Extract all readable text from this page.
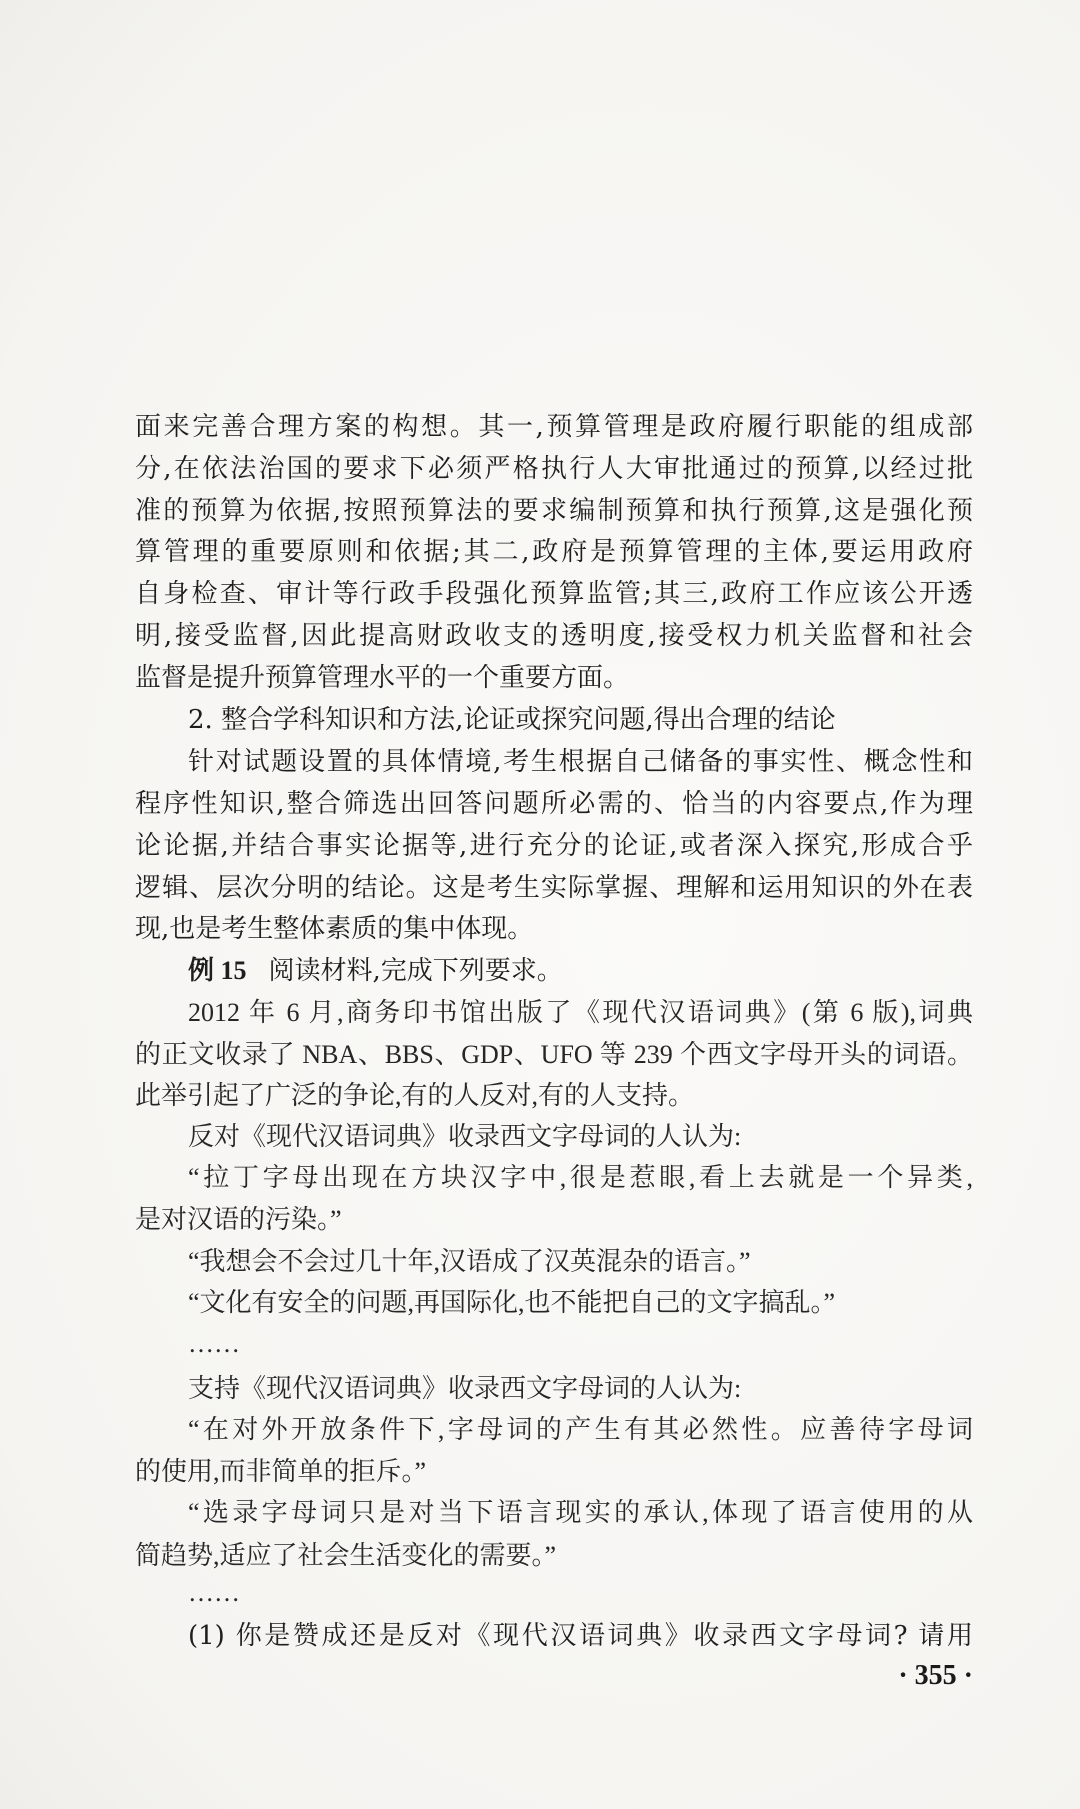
面来完善合理方案的构想。其一,预算管理是政府履行职能的组成部
分,在依法治国的要求下必须严格执行人大审批通过的预算,以经过批
准的预算为依据,按照预算法的要求编制预算和执行预算,这是强化预
算管理的重要原则和依据;其二,政府是预算管理的主体,要运用政府
自身检查、审计等行政手段强化预算监管;其三,政府工作应该公开透
明,接受监督,因此提高财政收支的透明度,接受权力机关监督和社会
监督是提升预算管理水平的一个重要方面。
2. 整合学科知识和方法,论证或探究问题,得出合理的结论
针对试题设置的具体情境,考生根据自己储备的事实性、概念性和
程序性知识,整合筛选出回答问题所必需的、恰当的内容要点,作为理
论论据,并结合事实论据等,进行充分的论证,或者深入探究,形成合乎
逻辑、层次分明的结论。这是考生实际掌握、理解和运用知识的外在表
现,也是考生整体素质的集中体现。
例 15 阅读材料,完成下列要求。
2012 年 6 月,商务印书馆出版了《现代汉语词典》(第 6 版),词典
的正文收录了 NBA、BBS、GDP、UFO 等 239 个西文字母开头的词语。
此举引起了广泛的争论,有的人反对,有的人支持。
反对《现代汉语词典》收录西文字母词的人认为:
“拉丁字母出现在方块汉字中,很是惹眼,看上去就是一个异类,
是对汉语的污染。”
“我想会不会过几十年,汉语成了汉英混杂的语言。”
“文化有安全的问题,再国际化,也不能把自己的文字搞乱。”
……
支持《现代汉语词典》收录西文字母词的人认为:
“在对外开放条件下,字母词的产生有其必然性。应善待字母词
的使用,而非简单的拒斥。”
“选录字母词只是对当下语言现实的承认,体现了语言使用的从
简趋势,适应了社会生活变化的需要。”
……
(1) 你是赞成还是反对《现代汉语词典》收录西文字母词? 请用
· 355 ·
